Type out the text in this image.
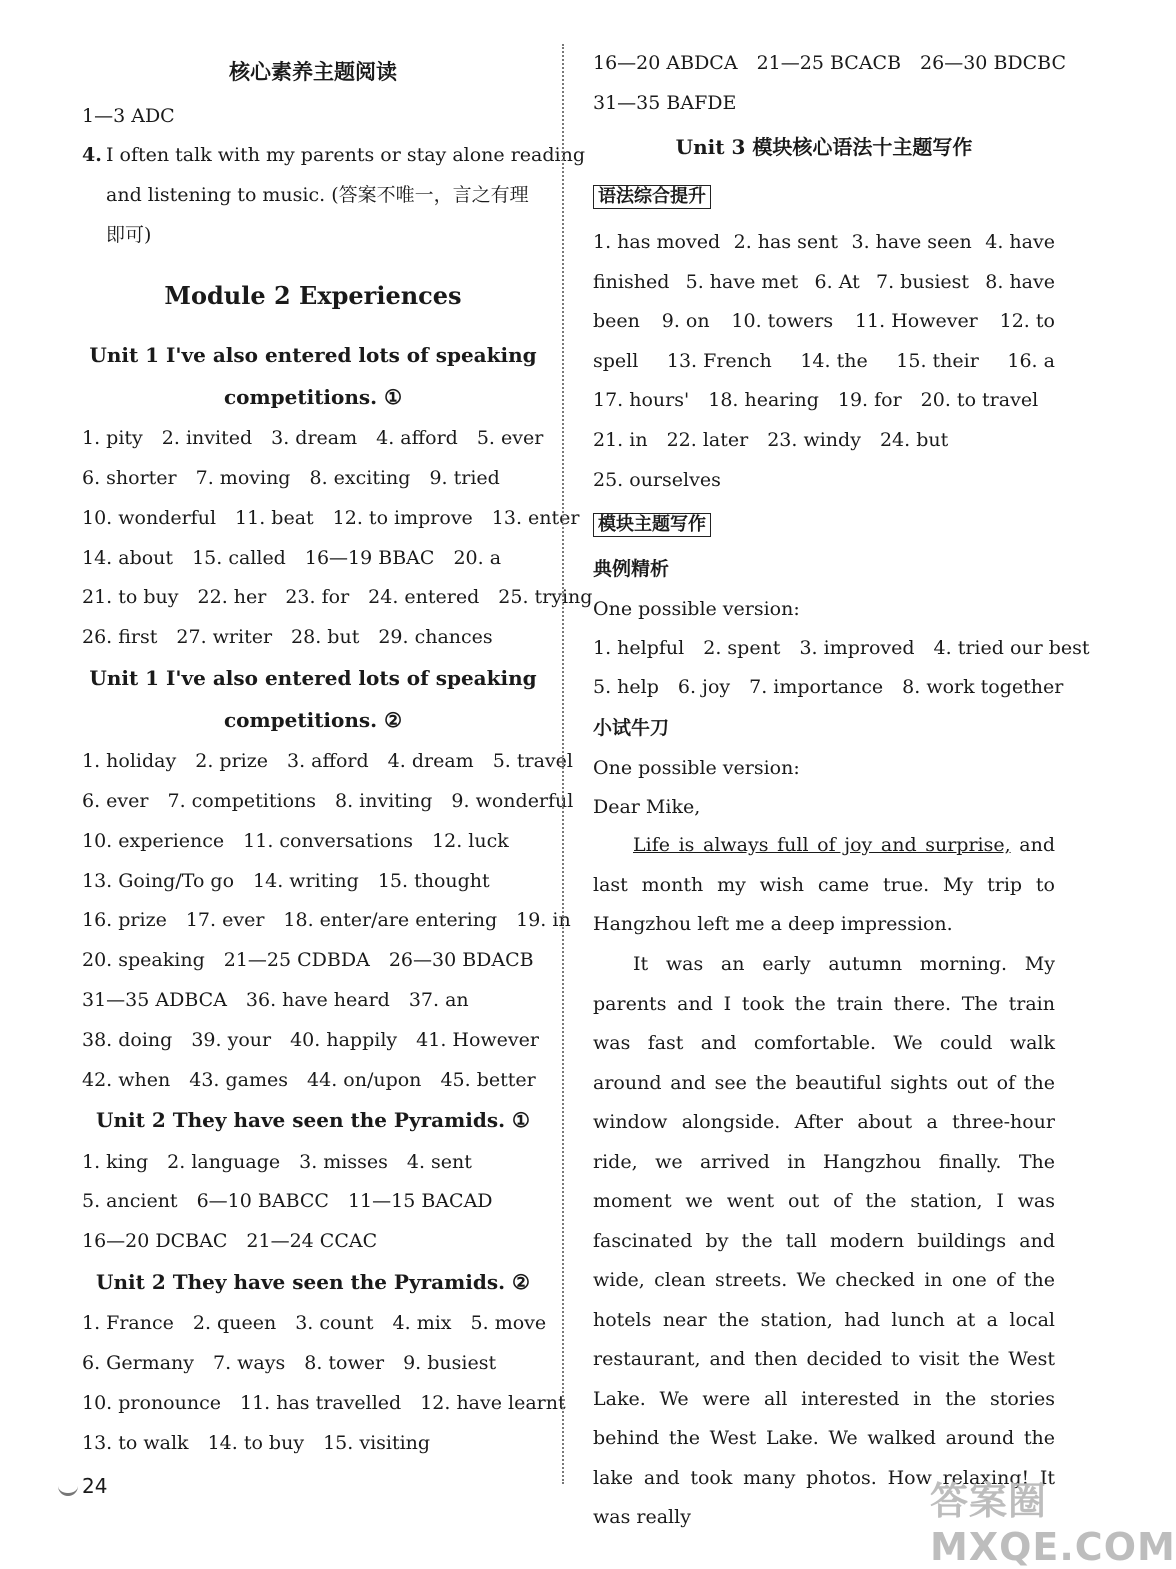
核心素养主题阅读
1—3 ADC
I often talk with my parents or stay alone reading
and listening to music. (答案不唯一，言之有理
即可)
4.
Module 2 Experiences
Unit 1 I've also entered lots of speaking
competitions. ①
1. pity 2. invited 3. dream 4. afford 5. ever
6. shorter 7. moving 8. exciting 9. tried
10. wonderful 11. beat 12. to improve 13. enter
14. about 15. called 16—19 BBAC 20. a
21. to buy 22. her 23. for 24. entered 25. trying
26. first 27. writer 28. but 29. chances
Unit 1 I've also entered lots of speaking
competitions. ②
1. holiday 2. prize 3. afford 4. dream 5. travel
6. ever 7. competitions 8. inviting 9. wonderful
10. experience 11. conversations 12. luck
13. Going/To go 14. writing 15. thought
16. prize 17. ever 18. enter/are entering 19. in
20. speaking 21—25 CDBDA 26—30 BDACB
31—35 ADBCA 36. have heard 37. an
38. doing 39. your 40. happily 41. However
42. when 43. games 44. on/upon 45. better
Unit 2 They have seen the Pyramids. ①
1. king 2. language 3. misses 4. sent
5. ancient 6—10 BABCC 11—15 BACAD
16—20 DCBAC 21—24 CCAC
Unit 2 They have seen the Pyramids. ②
1. France 2. queen 3. count 4. mix 5. move
6. Germany 7. ways 8. tower 9. busiest
10. pronounce 11. has travelled 12. have learnt
13. to walk 14. to buy 15. visiting
16—20 ABDCA 21—25 BCACB 26—30 BDCBC
31—35 BAFDE
Unit 3 模块核心语法十主题写作
语法综合提升
1. has moved 2. has sent 3. have seen 4. have
finished 5. have met 6. At 7. busiest 8. have
been 9. on 10. towers 11. However 12. to
spell 13. French 14. the 15. their 16. a
17. hours' 18. hearing 19. for 20. to travel
21. in 22. later 23. windy 24. but
25. ourselves
模块主题写作
典例精析
One possible version:
1. helpful 2. spent 3. improved 4. tried our best
5. help 6. joy 7. importance 8. work together
小试牛刀
One possible version:
Dear Mike,
Life is always full of joy and surprise, and last month my wish came true. My trip to Hangzhou left me a deep impression.
It was an early autumn morning. My parents and I took the train there. The train was fast and comfortable. We could walk around and see the beautiful sights out of the window alongside. After about a three-hour ride, we arrived in Hangzhou finally. The moment we went out of the station, I was fascinated by the tall modern buildings and wide, clean streets. We checked in one of the hotels near the station, had lunch at a local restaurant, and then decided to visit the West Lake. We were all interested in the stories behind the West Lake. We walked around the lake and took many photos. How relaxing! It was really
24	答案圈 MXQE.COM
